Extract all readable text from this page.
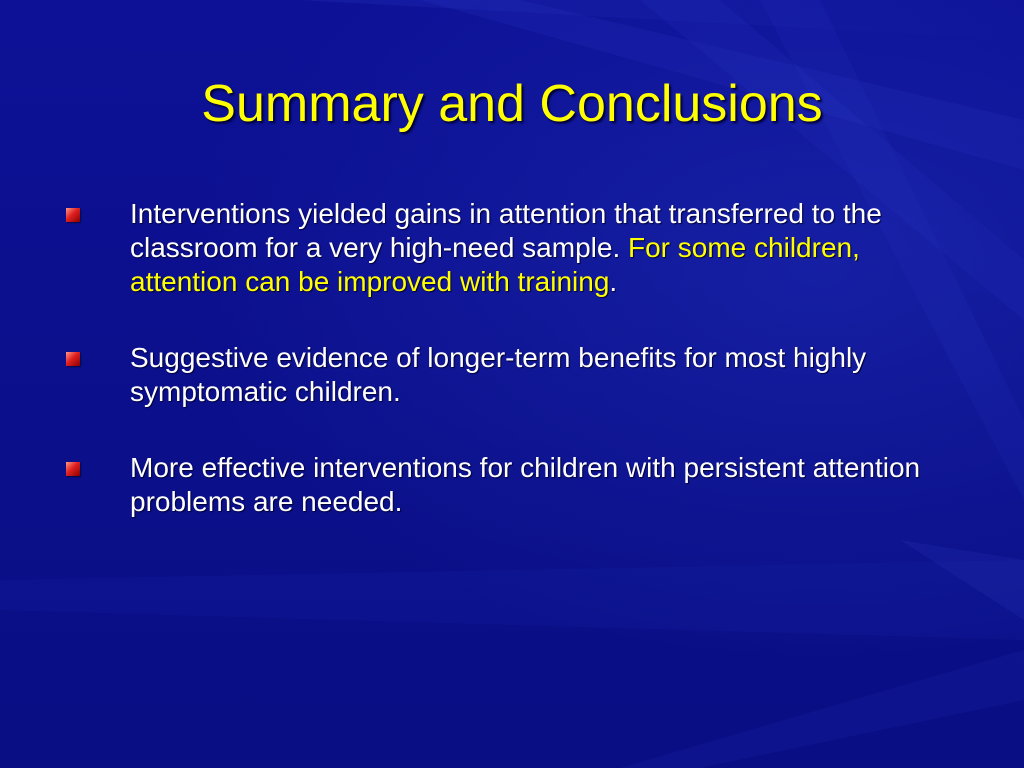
Summary and Conclusions
Interventions yielded gains in attention that transferred to the classroom for a very high-need sample. For some children, attention can be improved with training.
Suggestive evidence of longer-term benefits for most highly symptomatic children.
More effective interventions for children with persistent attention problems are needed.
